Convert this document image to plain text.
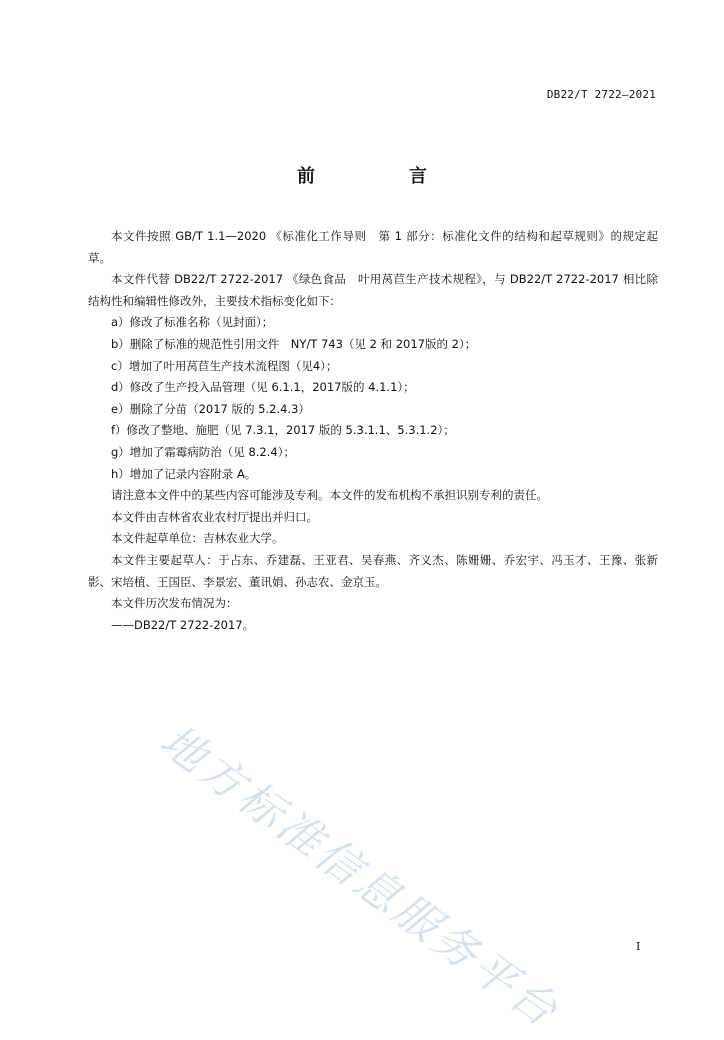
DB22/T 2722—2021
前　言

本文件按照 GB/T 1.1—2020 《标准化工作导则　第 1 部分：标准化文件的结构和起草规则》的规定起草。

本文件代替 DB22/T 2722-2017 《绿色食品　叶用莴苣生产技术规程》，与 DB22/T 2722-2017 相比除结构性和编辑性修改外，主要技术指标变化如下：

a）修改了标准名称（见封面）；

b）删除了标准的规范性引用文件　NY/T 743（见 2 和 2017版的 2）；

c）增加了叶用莴苣生产技术流程图（见4）；

d）修改了生产投入品管理（见 6.1.1，2017版的 4.1.1）；

e）删除了分苗（2017 版的 5.2.4.3）

f）修改了整地、施肥（见 7.3.1，2017 版的 5.3.1.1、5.3.1.2）；

g）增加了霜霉病防治（见 8.2.4）；

h）增加了记录内容附录 A。

请注意本文件中的某些内容可能涉及专利。本文件的发布机构不承担识别专利的责任。

本文件由吉林省农业农村厅提出并归口。

本文件起草单位：吉林农业大学。

本文件主要起草人：于占东、乔建磊、王亚君、吴春燕、齐义杰、陈姗姗、乔宏宇、冯玉才、王豫、张新影、宋培植、王国臣、李景宏、董讯娟、孙志农、金京玉。

本文件历次发布情况为：

——DB22/T 2722-2017。

地方标准信息服务平台	I
